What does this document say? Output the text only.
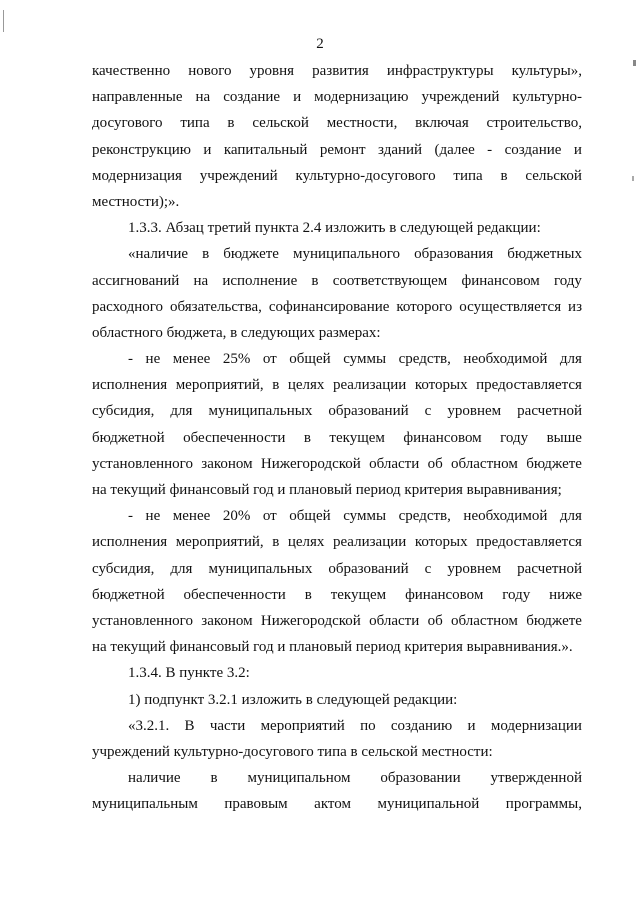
2
качественно нового уровня развития инфраструктуры культуры»,
направленные на создание и модернизацию учреждений культурно-
досугового типа в сельской местности, включая строительство,
реконструкцию и капитальный ремонт зданий (далее - создание и
модернизация учреждений культурно-досугового типа в сельской
местности);».
1.3.3. Абзац третий пункта 2.4 изложить в следующей редакции:
«наличие в бюджете муниципального образования бюджетных
ассигнований на исполнение в соответствующем финансовом году
расходного обязательства, софинансирование которого осуществляется из
областного бюджета, в следующих размерах:
- не менее 25% от общей суммы средств, необходимой для
исполнения мероприятий, в целях реализации которых предоставляется
субсидия, для муниципальных образований с уровнем расчетной
бюджетной обеспеченности в текущем финансовом году выше
установленного законом Нижегородской области об областном бюджете
на текущий финансовый год и плановый период критерия выравнивания;
- не менее 20% от общей суммы средств, необходимой для
исполнения мероприятий, в целях реализации которых предоставляется
субсидия, для муниципальных образований с уровнем расчетной
бюджетной обеспеченности в текущем финансовом году ниже
установленного законом Нижегородской области об областном бюджете
на текущий финансовый год и плановый период критерия выравнивания.».
1.3.4. В пункте 3.2:
1) подпункт 3.2.1 изложить в следующей редакции:
«3.2.1. В части мероприятий по созданию и модернизации
учреждений культурно-досугового типа в сельской местности:
наличие в муниципальном образовании утвержденной
муниципальным правовым актом муниципальной программы,
